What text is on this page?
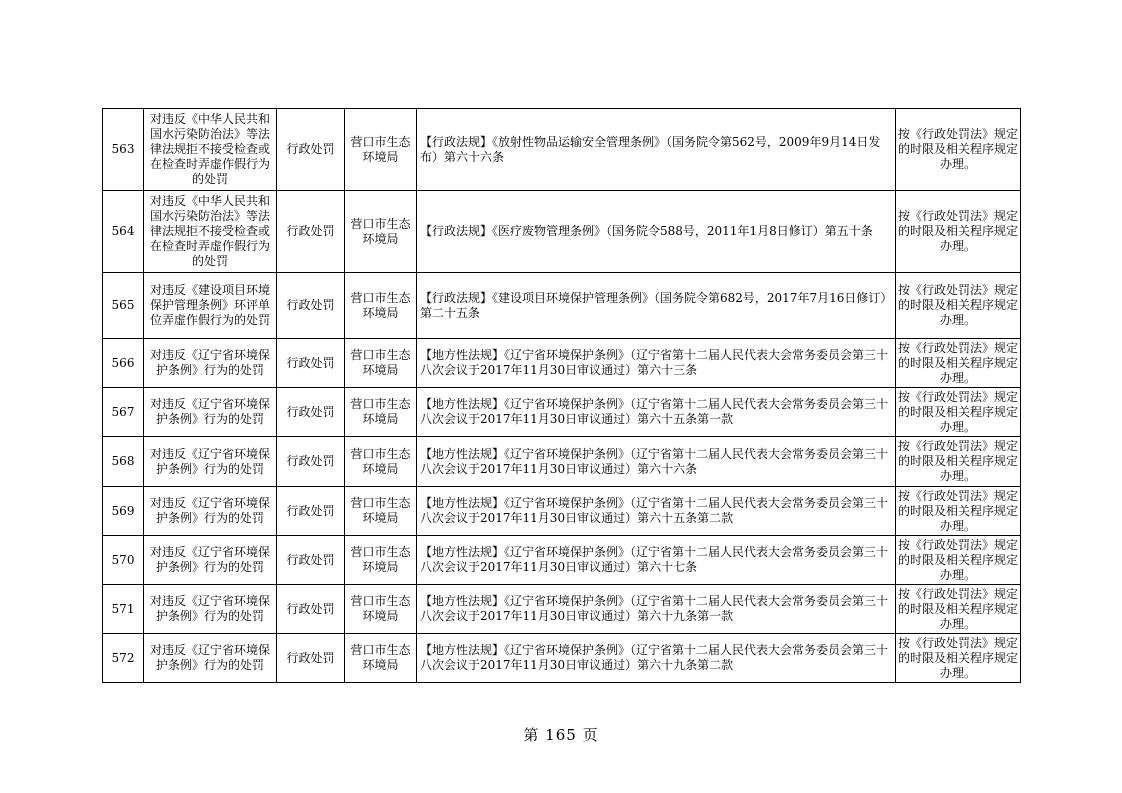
563	对违反《中华人民共和国水污染防治法》等法律法规拒不接受检查或在检查时弄虚作假行为的处罚	行政处罚	营口市生态环境局	【行政法规】《放射性物品运输安全管理条例》（国务院令第562号，2009年9月14日发布）第六十六条	按《行政处罚法》规定的时限及相关程序规定办理。
564	对违反《中华人民共和国水污染防治法》等法律法规拒不接受检查或在检查时弄虚作假行为的处罚	行政处罚	营口市生态环境局	【行政法规】《医疗废物管理条例》（国务院令588号，2011年1月8日修订）第五十条	按《行政处罚法》规定的时限及相关程序规定办理。
565	对违反《建设项目环境保护管理条例》环评单位弄虚作假行为的处罚	行政处罚	营口市生态环境局	【行政法规】《建设项目环境保护管理条例》（国务院令第682号，2017年7月16日修订）第二十五条	按《行政处罚法》规定的时限及相关程序规定办理。
566	对违反《辽宁省环境保护条例》行为的处罚	行政处罚	营口市生态环境局	【地方性法规】《辽宁省环境保护条例》（辽宁省第十二届人民代表大会常务委员会第三十八次会议于2017年11月30日审议通过）第六十三条	按《行政处罚法》规定的时限及相关程序规定办理。
567	对违反《辽宁省环境保护条例》行为的处罚	行政处罚	营口市生态环境局	【地方性法规】《辽宁省环境保护条例》（辽宁省第十二届人民代表大会常务委员会第三十八次会议于2017年11月30日审议通过）第六十五条第一款	按《行政处罚法》规定的时限及相关程序规定办理。
568	对违反《辽宁省环境保护条例》行为的处罚	行政处罚	营口市生态环境局	【地方性法规】《辽宁省环境保护条例》（辽宁省第十二届人民代表大会常务委员会第三十八次会议于2017年11月30日审议通过）第六十六条	按《行政处罚法》规定的时限及相关程序规定办理。
569	对违反《辽宁省环境保护条例》行为的处罚	行政处罚	营口市生态环境局	【地方性法规】《辽宁省环境保护条例》（辽宁省第十二届人民代表大会常务委员会第三十八次会议于2017年11月30日审议通过）第六十五条第二款	按《行政处罚法》规定的时限及相关程序规定办理。
570	对违反《辽宁省环境保护条例》行为的处罚	行政处罚	营口市生态环境局	【地方性法规】《辽宁省环境保护条例》（辽宁省第十二届人民代表大会常务委员会第三十八次会议于2017年11月30日审议通过）第六十七条	按《行政处罚法》规定的时限及相关程序规定办理。
571	对违反《辽宁省环境保护条例》行为的处罚	行政处罚	营口市生态环境局	【地方性法规】《辽宁省环境保护条例》（辽宁省第十二届人民代表大会常务委员会第三十八次会议于2017年11月30日审议通过）第六十九条第一款	按《行政处罚法》规定的时限及相关程序规定办理。
572	对违反《辽宁省环境保护条例》行为的处罚	行政处罚	营口市生态环境局	【地方性法规】《辽宁省环境保护条例》（辽宁省第十二届人民代表大会常务委员会第三十八次会议于2017年11月30日审议通过）第六十九条第二款	按《行政处罚法》规定的时限及相关程序规定办理。
第 165 页
